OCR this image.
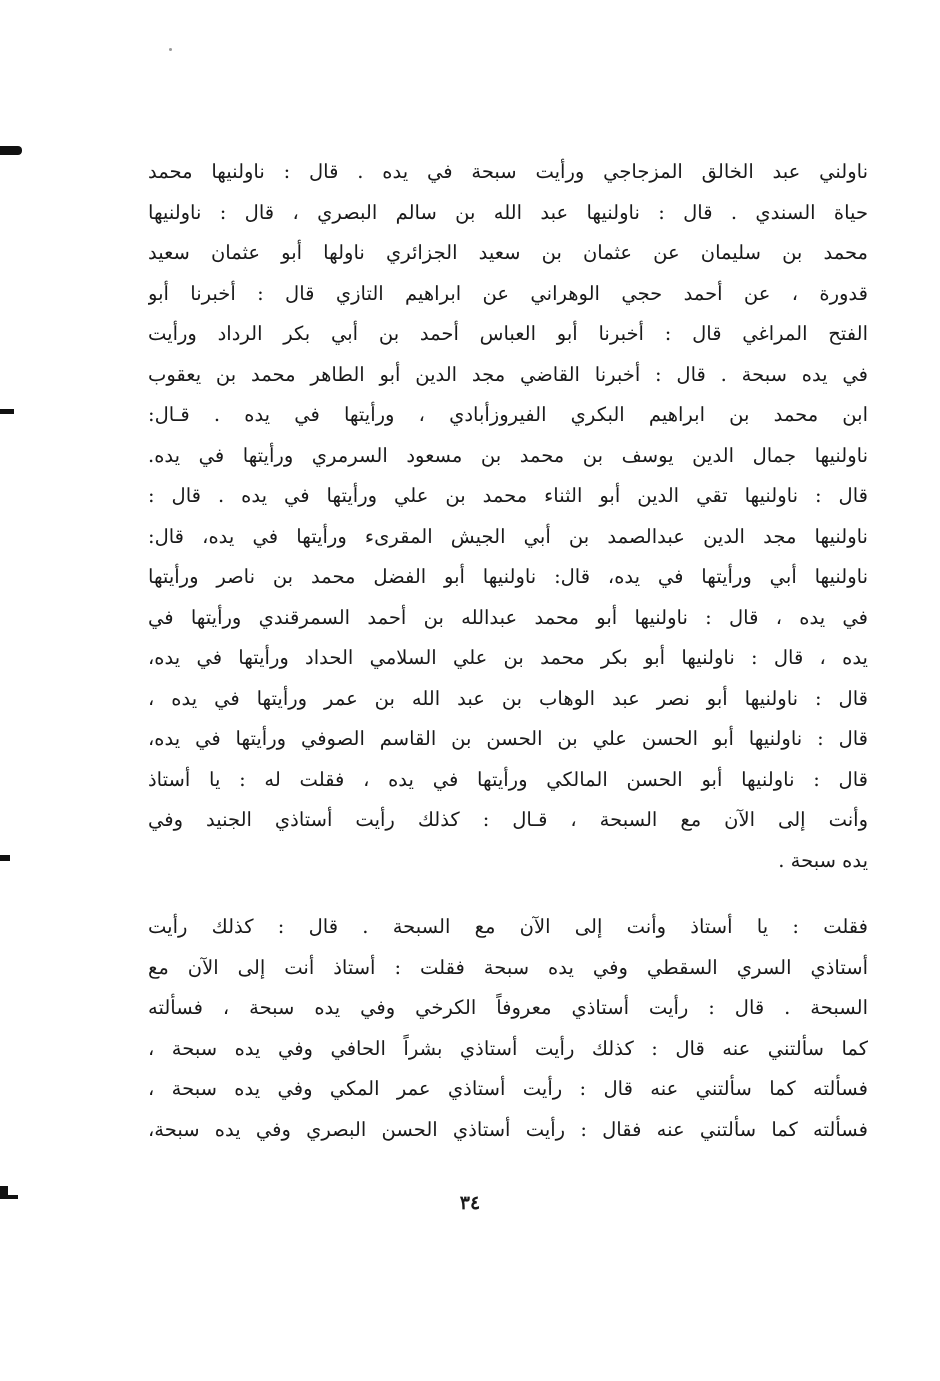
ناولني عبد الخالق المزجاجي ورأيت سبحة في يده . قال : ناولنيها محمد
حياة السندي . قال : ناولنيها عبد الله بن سالم البصري ، قال : ناولنيها
محمد بن سليمان عن عثمان بن سعيد الجزائري ناولها أبو عثمان سعيد
قدورة ، عن أحمد حجي الوهراني عن ابراهيم التازي قال : أخبرنا أبو
الفتح المراغي قال : أخبرنا أبو العباس أحمد بن أبي بكر الرداد ورأيت
في يده سبحة . قال : أخبرنا القاضي مجد الدين أبو الطاهر محمد بن يعقوب
ابن محمد بن ابراهيم البكري الفيروزأبادي ، ورأيتها في يده . قـال:
ناولنيها جمال الدين يوسف بن محمد بن مسعود السرمري ورأيتها في يده.
قال : ناولنيها تقي الدين أبو الثناء محمد بن علي ورأيتها في يده . قال :
ناولنيها مجد الدين عبدالصمد بن أبي الجيش المقرىء ورأيتها في يده، قال:
ناولنيها أبي ورأيتها في يده، قال: ناولنيها أبو الفضل محمد بن ناصر ورأيتها
في يده ، قال : ناولنيها أبو محمد عبدالله بن أحمد السمرقندي ورأيتها في
يده ، قال : ناولنيها أبو بكر محمد بن علي السلامي الحداد ورأيتها في يده،
قال : ناولنيها أبو نصر عبد الوهاب بن عبد الله بن عمر ورأيتها في يده ،
قال : ناولنيها أبو الحسن علي بن الحسن بن القاسم الصوفي ورأيتها في يده،
قال : ناولنيها أبو الحسن المالكي ورأيتها في يده ، فقلت له : يا أستاذ
وأنت إلى الآن مع السبحة ، قـال : كذلك رأيت أستاذي الجنيد وفي
يده سبحة .
فقلت : يا أستاذ وأنت إلى الآن مع السبحة . قال : كذلك رأيت
أستاذي السري السقطي وفي يده سبحة فقلت : أستاذ أنت إلى الآن مع
السبحة . قال : رأيت أستاذي معروفاً الكرخي وفي يده سبحة ، فسألته
كما سألتني عنه قال : كذلك رأيت أستاذي بشراً الحافي وفي يده سبحة ،
فسألته كما سألتني عنه قال : رأيت أستاذي عمر المكي وفي يده سبحة ،
فسألته كما سألتني عنه فقال : رأيت أستاذي الحسن البصري وفي يده سبحة،
٣٤
